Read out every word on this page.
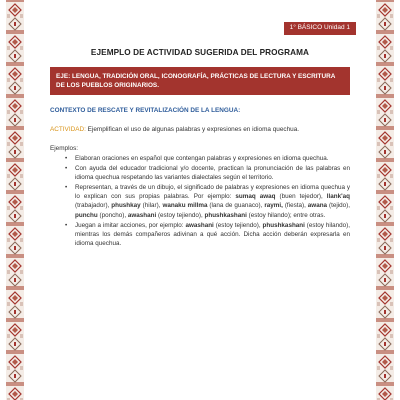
1° BÁSICO Unidad 1
EJEMPLO DE ACTIVIDAD SUGERIDA DEL PROGRAMA
EJE: LENGUA, TRADICIÓN ORAL, ICONOGRAFÍA, PRÁCTICAS DE LECTURA Y ESCRITURA DE LOS PUEBLOS ORIGINARIOS.
CONTEXTO DE RESCATE Y REVITALIZACIÓN DE LA LENGUA:
ACTIVIDAD: Ejemplifican el uso de algunas palabras y expresiones en idioma quechua.
Ejemplos:
• Elaboran oraciones en español que contengan palabras y expresiones en idioma quechua.
• Con ayuda del educador tradicional y/o docente, practican la pronunciación de las palabras en idioma quechua respetando las variantes dialectales según el territorio.
• Representan, a través de un dibujo, el significado de palabras y expresiones en idioma quechua y lo explican con sus propias palabras. Por ejemplo: sumaq awaq (buen tejedor), llank'aq (trabajador), phushkay (hilar), wanaku millma (lana de guanaco), raymi, (fiesta), awana (tejido), punchu (poncho), awashani (estoy tejiendo), phushkashani (estoy hilando); entre otras.
• Juegan a imitar acciones, por ejemplo: awashani (estoy tejiendo), phushkashani (estoy hilando), mientras los demás compañeros adivinan a qué acción. Dicha acción deberán expresarla en idioma quechua.
